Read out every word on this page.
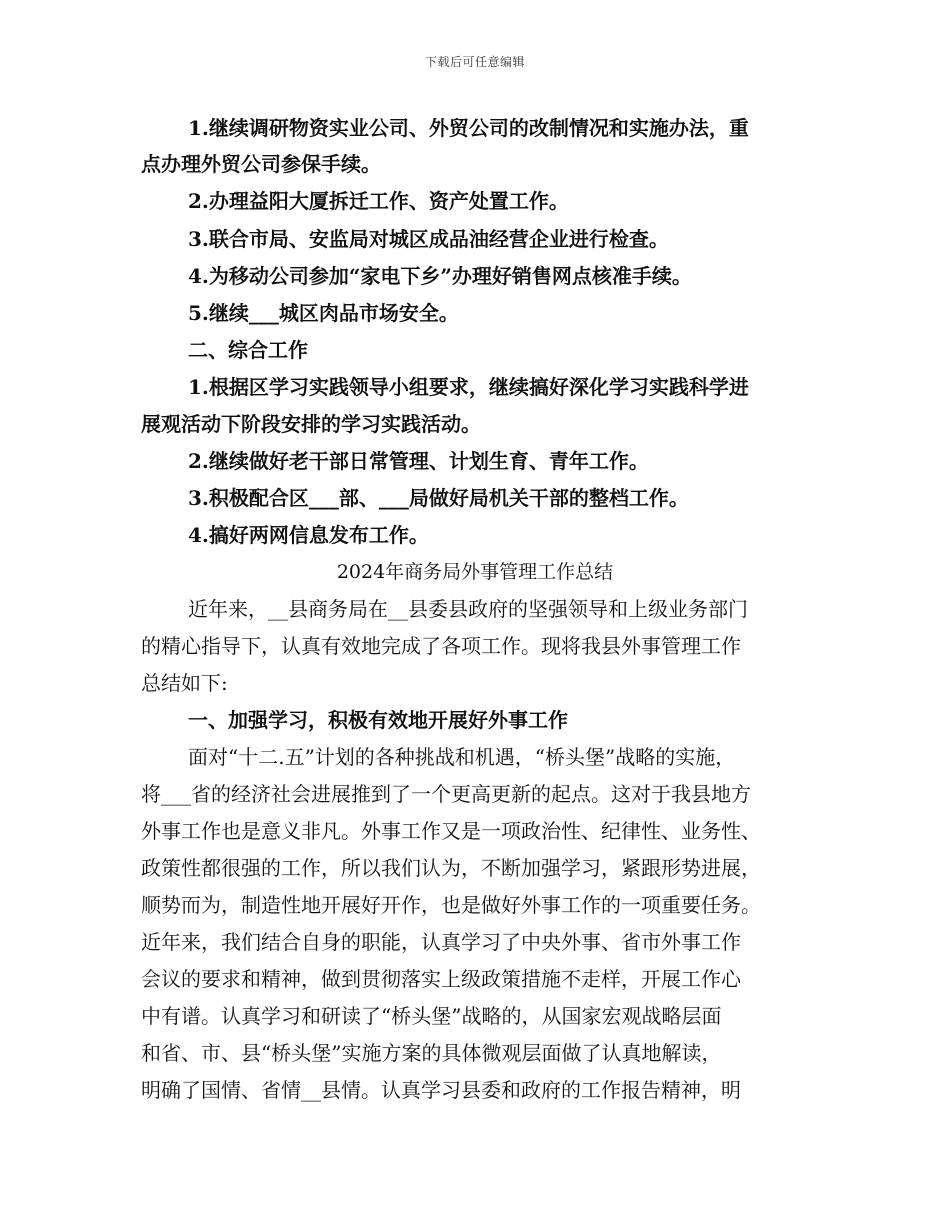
下载后可任意编辑
1.继续调研物资实业公司、外贸公司的改制情况和实施办法，重
点办理外贸公司参保手续。
2.办理益阳大厦拆迁工作、资产处置工作。
3.联合市局、安监局对城区成品油经营企业进行检查。
4.为移动公司参加“家电下乡”办理好销售网点核准手续。
5.继续___城区肉品市场安全。
二、综合工作
1.根据区学习实践领导小组要求，继续搞好深化学习实践科学进
展观活动下阶段安排的学习实践活动。
2.继续做好老干部日常管理、计划生育、青年工作。
3.积极配合区___部、___局做好局机关干部的整档工作。
4.搞好两网信息发布工作。
2024年商务局外事管理工作总结
近年来，__县商务局在__县委县政府的坚强领导和上级业务部门
的精心指导下，认真有效地完成了各项工作。现将我县外事管理工作
总结如下:
一、加强学习，积极有效地开展好外事工作
面对“十二.五”计划的各种挑战和机遇，“桥头堡”战略的实施，
将___省的经济社会进展推到了一个更高更新的起点。这对于我县地方
外事工作也是意义非凡。外事工作又是一项政治性、纪律性、业务性、
政策性都很强的工作，所以我们认为，不断加强学习，紧跟形势进展，
顺势而为，制造性地开展好开作，也是做好外事工作的一项重要任务。
近年来，我们结合自身的职能，认真学习了中央外事、省市外事工作
会议的要求和精神，做到贯彻落实上级政策措施不走样，开展工作心
中有谱。认真学习和研读了“桥头堡”战略的，从国家宏观战略层面
和省、市、县“桥头堡”实施方案的具体微观层面做了认真地解读，
明确了国情、省情__县情。认真学习县委和政府的工作报告精神，明
